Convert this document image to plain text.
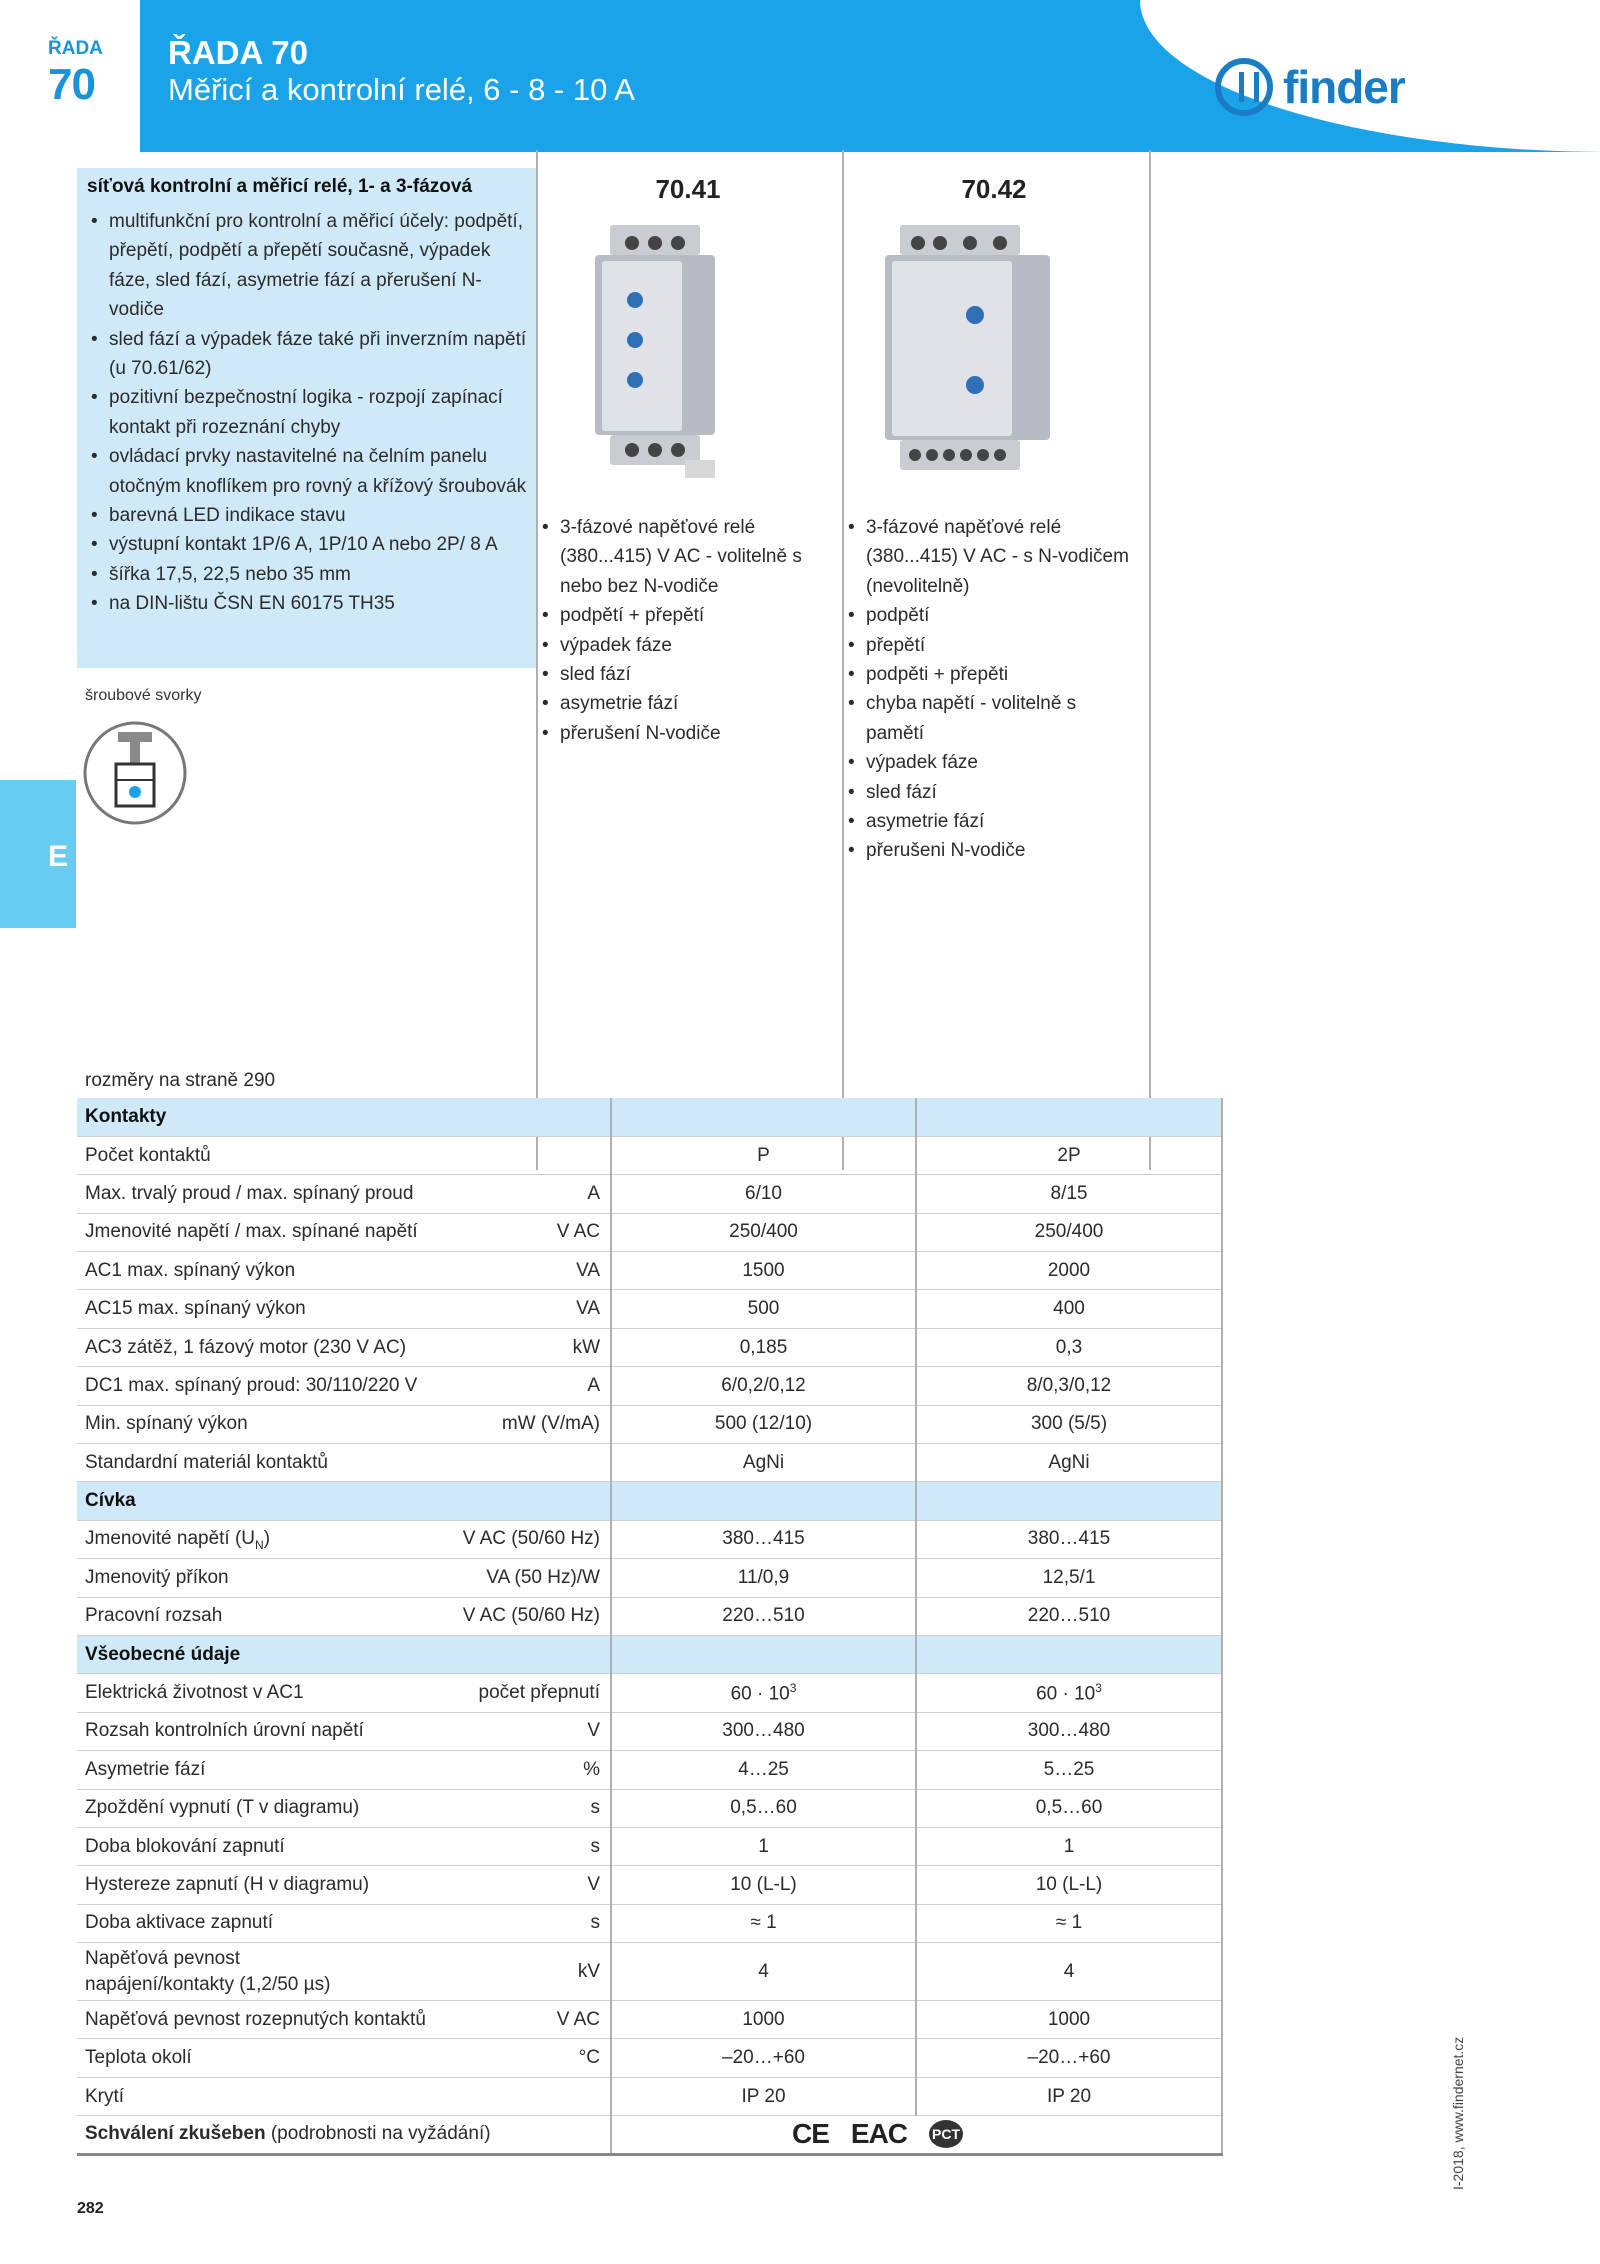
ŘADA
70
ŘADA 70
Měřicí a kontrolní relé, 6 - 8 - 10 A	finder
E
síťová kontrolní a měřicí relé, 1- a 3-fázová
• multifunkční pro kontrolní a měřicí účely: podpětí, přepětí, podpětí a přepětí současně, výpadek fáze, sled fází, asymetrie fází a přerušení N-vodiče
• sled fází a výpadek fáze také při inverzním napětí (u 70.61/62)
• pozitivní bezpečnostní logika - rozpojí zapínací kontakt při rozeznání chyby
• ovládací prvky nastavitelné na čelním panelu otočným knoflíkem pro rovný a křížový šroubovák
• barevná LED indikace stavu
• výstupní kontakt 1P/6 A, 1P/10 A nebo 2P/ 8 A
• šířka 17,5, 22,5 nebo 35 mm
• na DIN-lištu ČSN EN 60175 TH35
šroubové svorky
70.41
• 3-fázové napěťové relé (380...415) V AC - volitelně s nebo bez N-vodiče
• podpětí + přepětí
• výpadek fáze
• sled fází
• asymetrie fází
• přerušení N-vodiče
70.42
• 3-fázové napěťové relé (380...415) V AC - s N-vodičem (nevolitelně)
• podpětí
• přepětí
• podpěti + přepěti
• chyba napětí - volitelně s pamětí
• výpadek fáze
• sled fází
• asymetrie fází
• přerušeni N-vodiče
rozměry na straně 290
Kontakty			
Počet kontaktů		P	2P
Max. trvalý proud / max. spínaný proud	A	6/10	8/15
Jmenovité napětí / max. spínané napětí	V AC	250/400	250/400
AC1 max. spínaný výkon	VA	1500	2000
AC15 max. spínaný výkon	VA	500	400
AC3 zátěž, 1 fázový motor (230 V AC)	kW	0,185	0,3
DC1 max. spínaný proud: 30/110/220 V	A	6/0,2/0,12	8/0,3/0,12
Min. spínaný výkon	mW (V/mA)	500 (12/10)	300 (5/5)
Standardní materiál kontaktů		AgNi	AgNi
Cívka			
Jmenovité napětí $(U_N)$	V AC (50/60 Hz)	380…415	380…415
Jmenovitý příkon	VA (50 Hz)/W	11/0,9	12,5/1
Pracovní rozsah	V AC (50/60 Hz)	220…510	220…510
Všeobecné údaje			
Elektrická životnost v AC1	počet přepnutí	$60 \cdot 10^3$	$60 \cdot 10^3$
Rozsah kontrolních úrovní napětí	V	300…480	300…480
Asymetrie fází	%	4…25	5…25
Zpoždění vypnutí (T v diagramu)	s	0,5…60	0,5…60
Doba blokování zapnutí	s	1	1
Hystereze zapnutí (H v diagramu)	V	10 (L-L)	10 (L-L)
Doba aktivace zapnutí	s	≈ 1	≈ 1
Napěťová pevnost
napájení/kontakty (1,2/50 µs)	kV	4	4
Napěťová pevnost rozepnutých kontaktů	V AC	1000	1000
Teplota okolí	°C	–20…+60	–20…+60
Krytí		IP 20	IP 20
Schválení zkušeben (podrobnosti na vyžádání)		CE EAC PCT	
282
I-2018, www.findernet.cz
